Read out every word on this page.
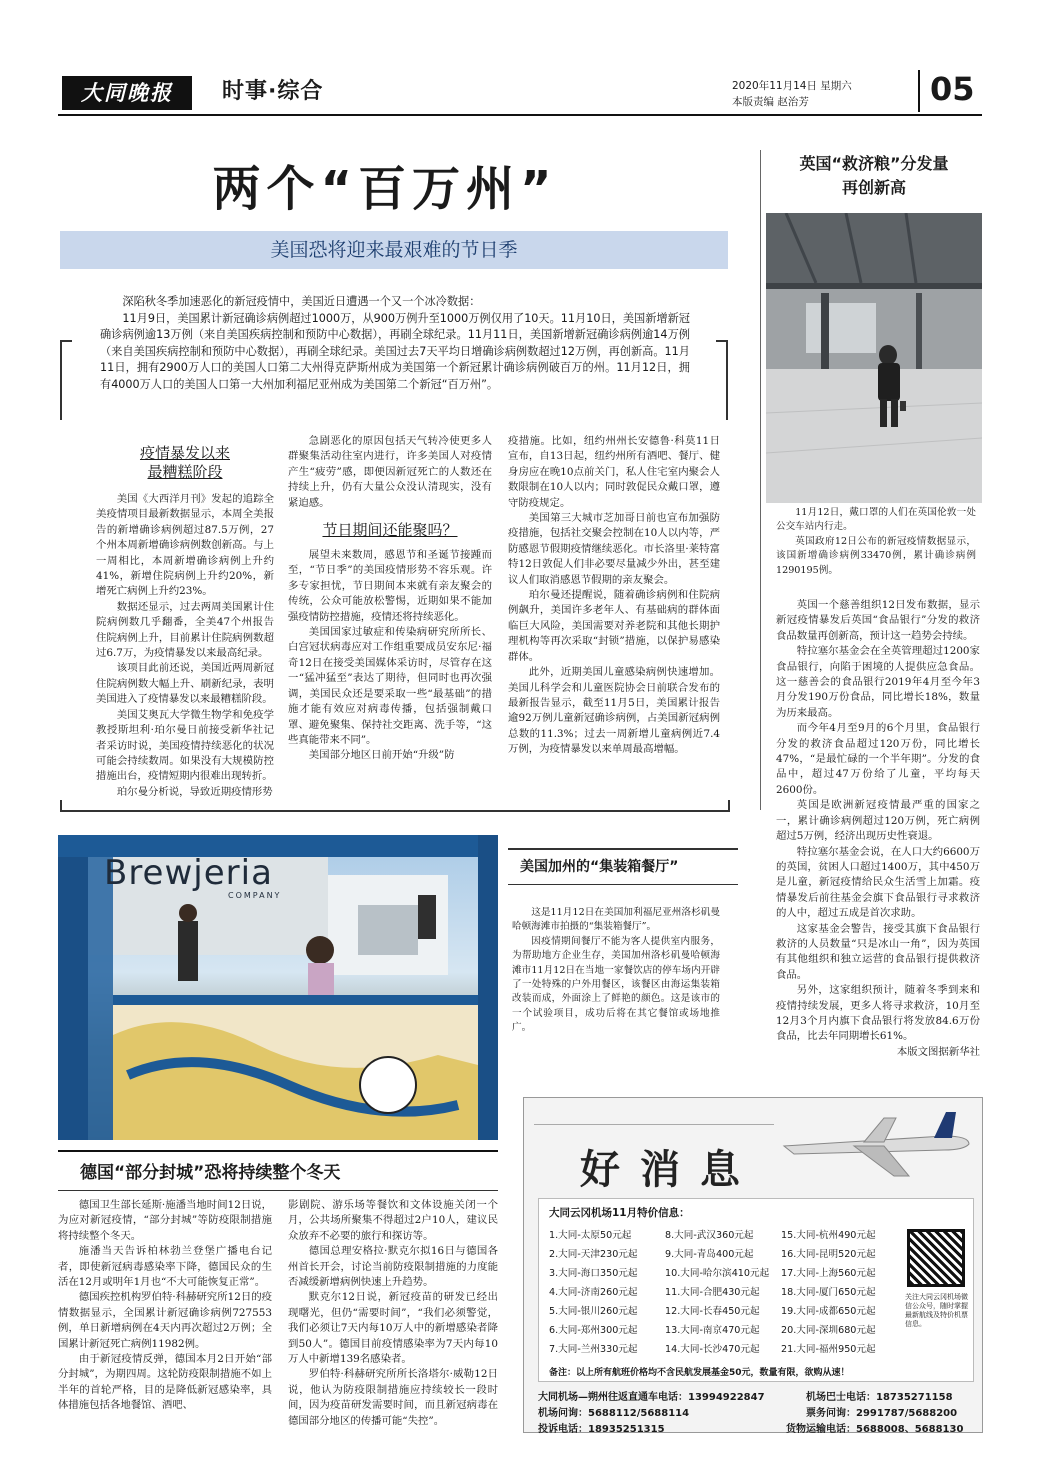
大同晚报	时事·综合	2020年11月14日 星期六
本版责编 赵治芳	05
两个“百万州”
美国恐将迎来最艰难的节日季

深陷秋冬季加速恶化的新冠疫情中，美国近日遭遇一个又一个冰冷数据：

11月9日，美国累计新冠确诊病例超过1000万，从900万例升至1000万例仅用了10天。11月10日，美国新增新冠确诊病例逾13万例（来自美国疾病控制和预防中心数据），再刷全球纪录。11月11日，美国新增新冠确诊病例逾14万例（来自美国疾病控制和预防中心数据），再刷全球纪录。美国过去7天平均日增确诊病例数超过12万例，再创新高。11月11日，拥有2900万人口的美国人口第二大州得克萨斯州成为美国第一个新冠累计确诊病例破百万的州。11月12日，拥有4000万人口的美国人口第一大州加利福尼亚州成为美国第二个新冠“百万州”。

疫情暴发以来
最糟糕阶段

美国《大西洋月刊》发起的追踪全美疫情项目最新数据显示，本周全美报告的新增确诊病例超过87.5万例，27个州本周新增确诊病例数创新高。与上一周相比，本周新增确诊病例上升约41%，新增住院病例上升约20%，新增死亡病例上升约23%。

数据还显示，过去两周美国累计住院病例数几乎翻番，全美47个州报告住院病例上升，目前累计住院病例数超过6.7万，为疫情暴发以来最高纪录。

该项目此前还说，美国近两周新冠住院病例数大幅上升、刷新纪录，表明美国进入了疫情暴发以来最糟糕阶段。

美国艾奥瓦大学微生物学和免疫学教授斯坦利·珀尔曼日前接受新华社记者采访时说，美国疫情持续恶化的状况可能会持续数周。如果没有大规模防控措施出台，疫情短期内很难出现转折。

珀尔曼分析说，导致近期疫情形势

急剧恶化的原因包括天气转冷使更多人群聚集活动往室内进行，许多美国人对疫情产生“疲劳”感，即便因新冠死亡的人数还在持续上升，仍有大量公众没认清现实，没有紧迫感。

节日期间还能聚吗？

展望未来数周，感恩节和圣诞节接踵而至，“节日季”的美国疫情形势不容乐观。许多专家担忧，节日期间本来就有亲友聚会的传统，公众可能放松警惕，近期如果不能加强疫情防控措施，疫情还将持续恶化。

美国国家过敏症和传染病研究所所长、白宫冠状病毒应对工作组重要成员安东尼·福奇12日在接受美国媒体采访时，尽管存在这一“猛冲猛至”表达了期待，但同时也再次强调，美国民众还是要采取一些“最基础”的措施才能有效应对病毒传播，包括强制戴口罩、避免聚集、保持社交距离、洗手等，“这些真能带来不同”。

美国部分地区日前开始“升级”防

疫措施。比如，纽约州州长安德鲁·科莫11日宣布，自13日起，纽约州所有酒吧、餐厅、健身房应在晚10点前关门，私人住宅室内聚会人数限制在10人以内；同时敦促民众戴口罩，遵守防疫规定。

美国第三大城市芝加哥日前也宣布加强防疫措施，包括社交聚会控制在10人以内等，严防感恩节假期疫情继续恶化。市长洛里·莱特富特12日敦促人们非必要尽量减少外出，甚至建议人们取消感恩节假期的亲友聚会。

珀尔曼还提醒说，随着确诊病例和住院病例飙升，美国许多老年人、有基础病的群体面临巨大风险，美国需要对养老院和其他长期护理机构等再次采取“封锁”措施，以保护易感染群体。

此外，近期美国儿童感染病例快速增加。美国儿科学会和儿童医院协会日前联合发布的最新报告显示，截至11月5日，美国累计报告逾92万例儿童新冠确诊病例，占美国新冠病例总数的11.3%；过去一周新增儿童病例近7.4万例，为疫情暴发以来单周最高增幅。

英国“救济粮”分发量
再创新高

11月12日，戴口罩的人们在英国伦敦一处公交车站内行走。

英国政府12日公布的新冠疫情数据显示，该国新增确诊病例33470例，累计确诊病例1290195例。

英国一个慈善组织12日发布数据，显示新冠疫情暴发后英国“食品银行”分发的救济食品数量再创新高，预计这一趋势会持续。

特拉塞尔基金会在全英管理超过1200家食品银行，向陷于困境的人提供应急食品。这一慈善会的食品银行2019年4月至今年3月分发190万份食品，同比增长18%，数量为历来最高。

而今年4月至9月的6个月里，食品银行分发的救济食品超过120万份，同比增长47%，“是最忙碌的一个半年期”。分发的食品中，超过47万份给了儿童，平均每天2600份。

英国是欧洲新冠疫情最严重的国家之一，累计确诊病例超过120万例，死亡病例超过5万例，经济出现历史性衰退。

特拉塞尔基金会说，在人口大约6600万的英国，贫困人口超过1400万，其中450万是儿童，新冠疫情给民众生活雪上加霜。疫情暴发后前往基金会旗下食品银行寻求救济的人中，超过五成是首次求助。

这家基金会警告，接受其旗下食品银行救济的人员数量“只是冰山一角”，因为英国有其他组织和独立运营的食品银行提供救济食品。

另外，这家组织预计，随着冬季到来和疫情持续发展，更多人将寻求救济，10月至12月3个月内旗下食品银行将发放84.6万份食品，比去年同期增长61%。

本版文图据新华社

Brewjeria
COMPANY
美国加州的“集装箱餐厅”

这是11月12日在美国加利福尼亚州洛杉矶曼哈顿海滩市拍摄的“集装箱餐厅”。

因疫情期间餐厅不能为客人提供室内服务，为帮助地方企业生存，美国加州洛杉矶曼哈顿海滩市11月12日在当地一家餐饮店的停车场内开辟了一处特殊的户外用餐区，该餐区由海运集装箱改装而成，外面涂上了鲜艳的颜色。这是该市的一个试验项目，成功后将在其它餐馆或场地推广。

德国“部分封城”恐将持续整个冬天

德国卫生部长延斯·施潘当地时间12日说，为应对新冠疫情，“部分封城”等防疫限制措施将持续整个冬天。

施潘当天告诉柏林勃兰登堡广播电台记者，即使新冠病毒感染率下降，德国民众的生活在12月或明年1月也“不大可能恢复正常”。

德国疾控机构罗伯特·科赫研究所12日的疫情数据显示，全国累计新冠确诊病例727553例，单日新增病例在4天内再次超过2万例；全国累计新冠死亡病例11982例。

由于新冠疫情反弹，德国本月2日开始“部分封城”，为期四周。这轮防疫限制措施不如上半年的首轮严格，目的是降低新冠感染率，具体措施包括各地餐馆、酒吧、

影剧院、游乐场等餐饮和文体设施关闭一个月，公共场所聚集不得超过2户10人，建议民众放弃不必要的旅行和探访等。

德国总理安格拉·默克尔拟16日与德国各州首长开会，讨论当前防疫限制措施的力度能否减缓新增病例快速上升趋势。

默克尔12日说，新冠疫苗的研发已经出现曙光，但仍“需要时间”，“我们必须警觉，我们必须让7天内每10万人中的新增感染者降到50人”。德国目前疫情感染率为7天内每10万人中新增139名感染者。

罗伯特·科赫研究所所长洛塔尔·威勒12日说，他认为防疫限制措施应持续较长一段时间，因为疫苗研发需要时间，而且新冠病毒在德国部分地区的传播可能“失控”。

好消息
大同云冈机场11月特价信息：
1.大同-太原50元起	8.大同-武汉360元起	15.大同-杭州490元起
2.大同-天津230元起	9.大同-青岛400元起	16.大同-昆明520元起
3.大同-海口350元起	10.大同-哈尔滨410元起 17.大同-上海560元起
4.大同-济南260元起	11.大同-合肥430元起 18.大同-厦门650元起
5.大同-银川260元起	12.大同-长春450元起 19.大同-成都650元起
6.大同-郑州300元起	13.大同-南京470元起 20.大同-深圳680元起
7.大同-兰州330元起	14.大同-长沙470元起 21.大同-福州950元起
关注大同云冈机场微信公众号，随时掌握最新航线及特价机票信息。
备注：以上所有航班价格均不含民航发展基金50元，数量有限，欲购从速！
大同机场—朔州往返直通车电话：13994922847	机场巴士电话：18735271158
机场问询：5688112/5688114	票务问询：2991787/5688200
投诉电话：18935251315	货物运输电话：5688008、5688130
